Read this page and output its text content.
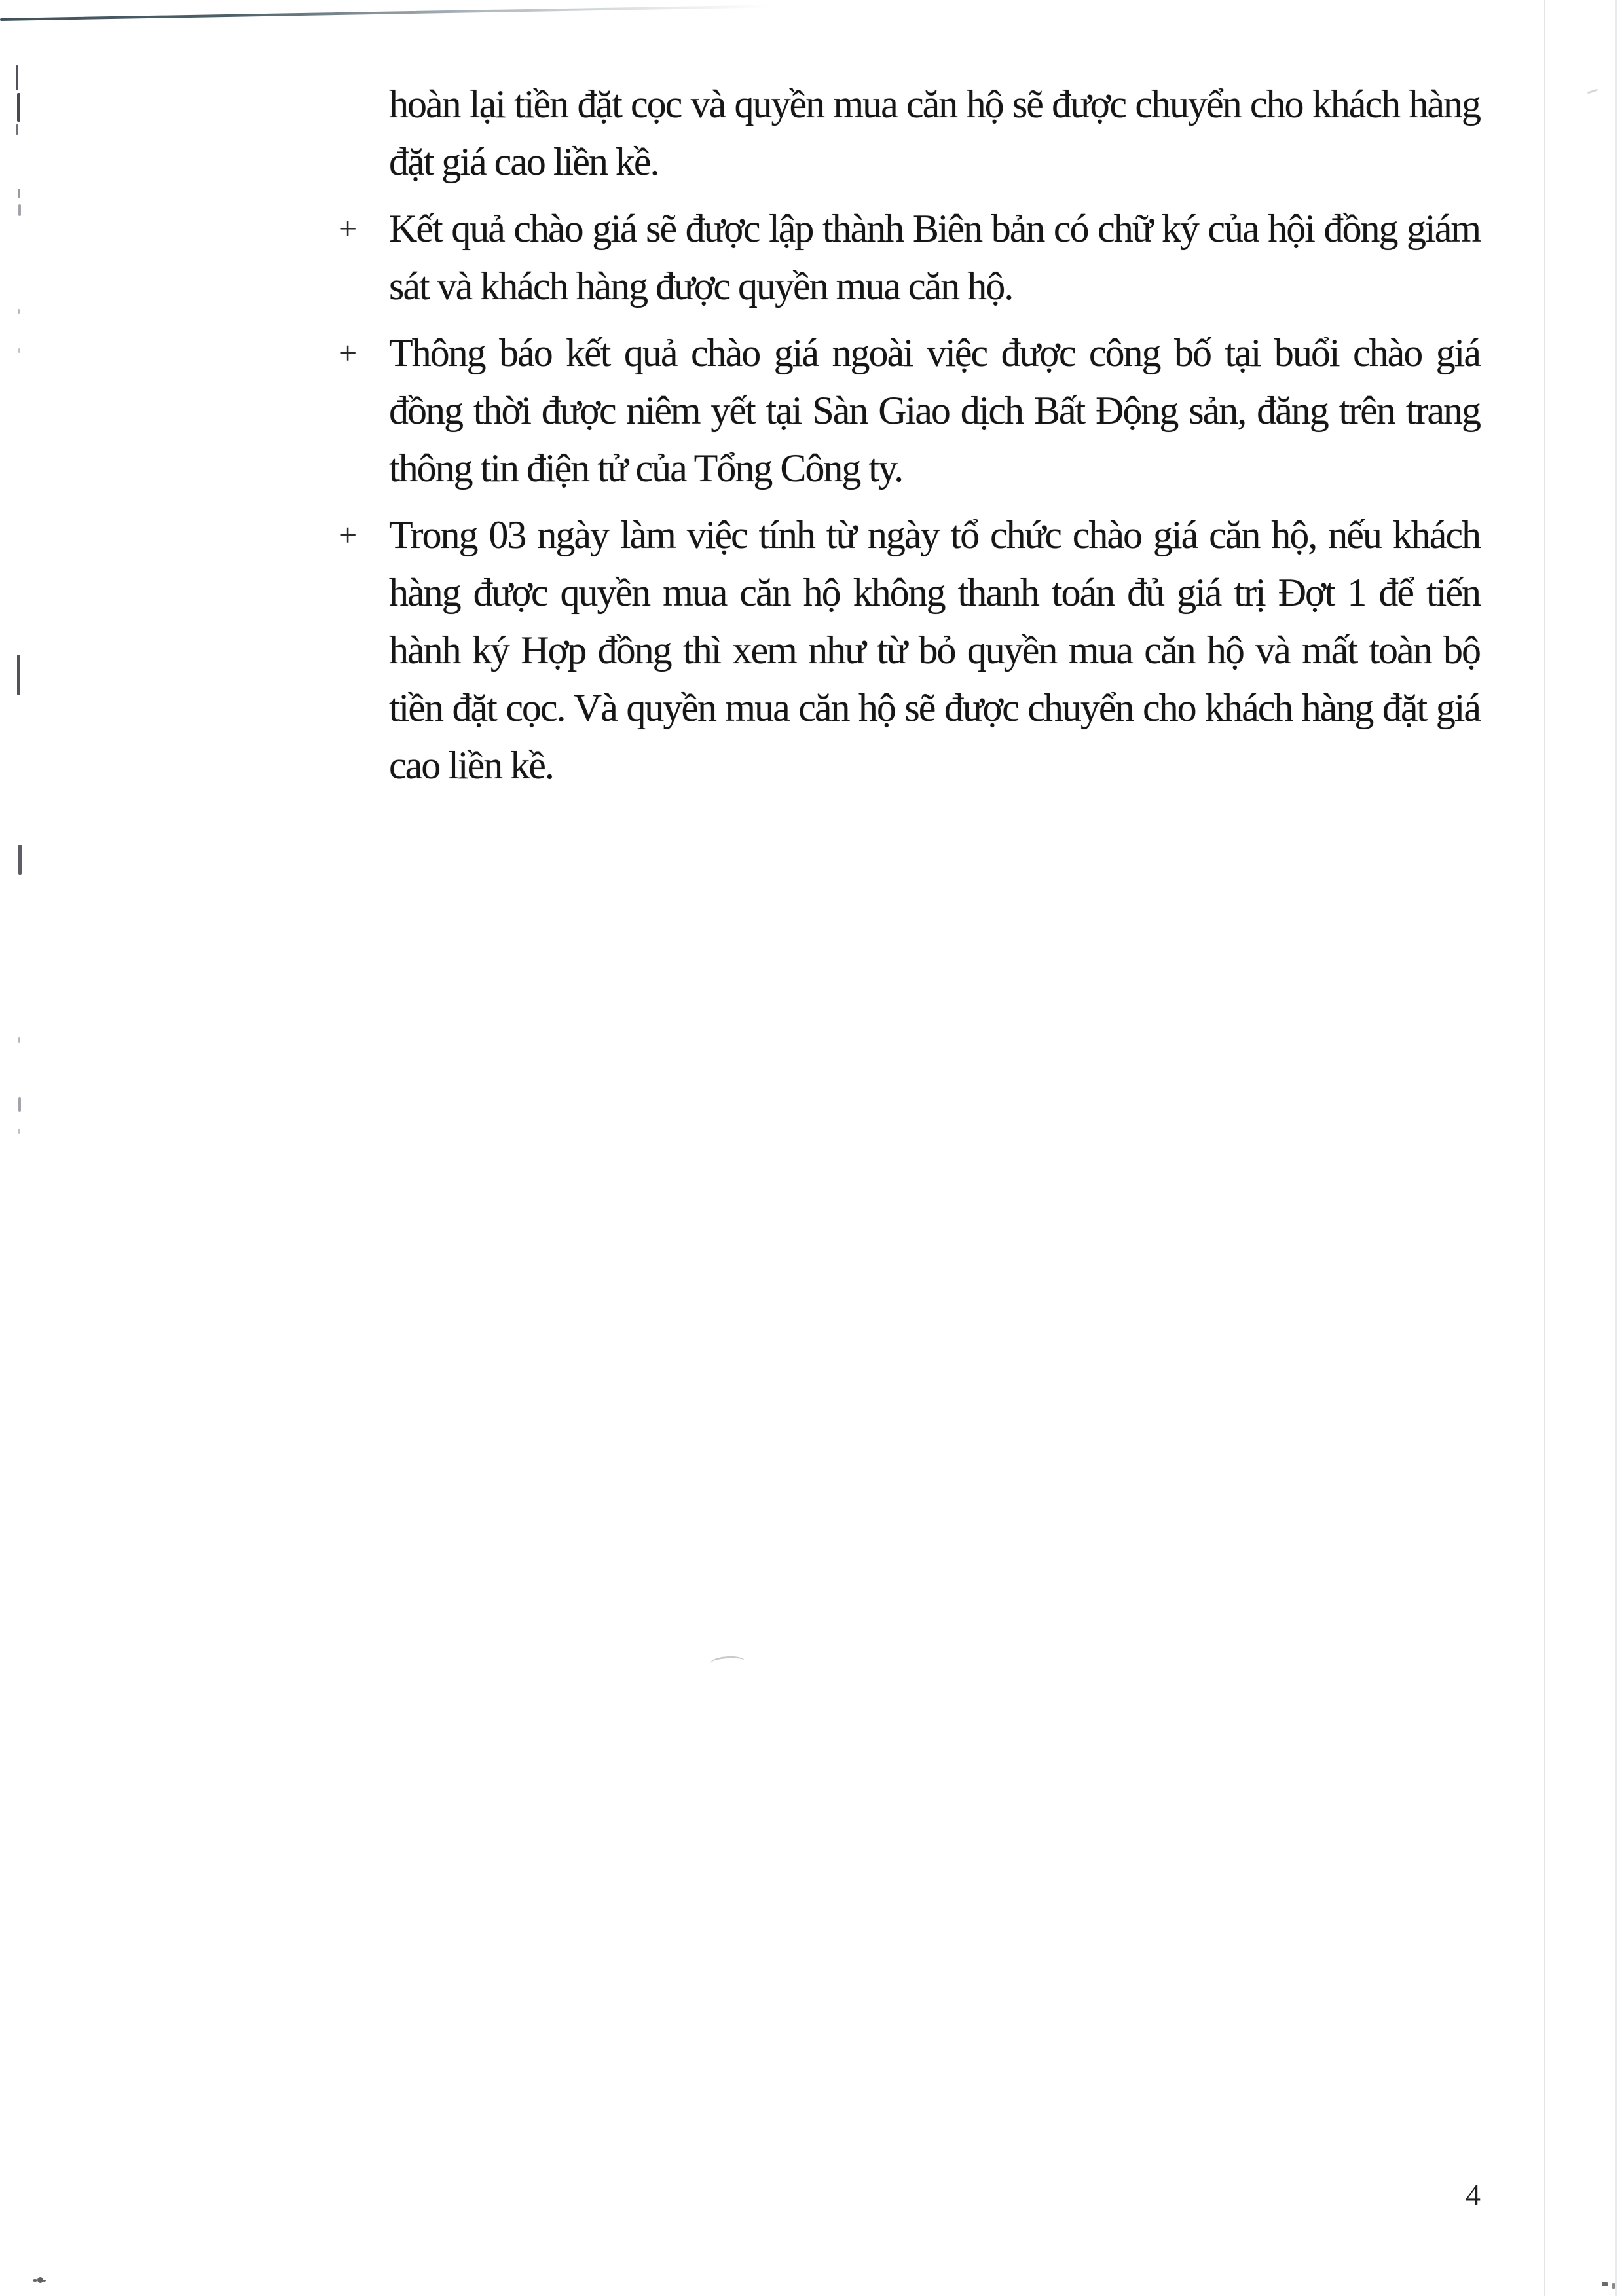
hoàn lại tiền đặt cọc và quyền mua căn hộ sẽ được chuyển cho khách hàng đặt giá cao liền kề.

+ Kết quả chào giá sẽ được lập thành Biên bản có chữ ký của hội đồng giám sát và khách hàng được quyền mua căn hộ.

+ Thông báo kết quả chào giá ngoài việc được công bố tại buổi chào giá đồng thời được niêm yết tại Sàn Giao dịch Bất Động sản, đăng trên trang thông tin điện tử của Tổng Công ty.

+ Trong 03 ngày làm việc tính từ ngày tổ chức chào giá căn hộ, nếu khách hàng được quyền mua căn hộ không thanh toán đủ giá trị Đợt 1 để tiến hành ký Hợp đồng thì xem như từ bỏ quyền mua căn hộ và mất toàn bộ tiền đặt cọc. Và quyền mua căn hộ sẽ được chuyển cho khách hàng đặt giá cao liền kề.

4
